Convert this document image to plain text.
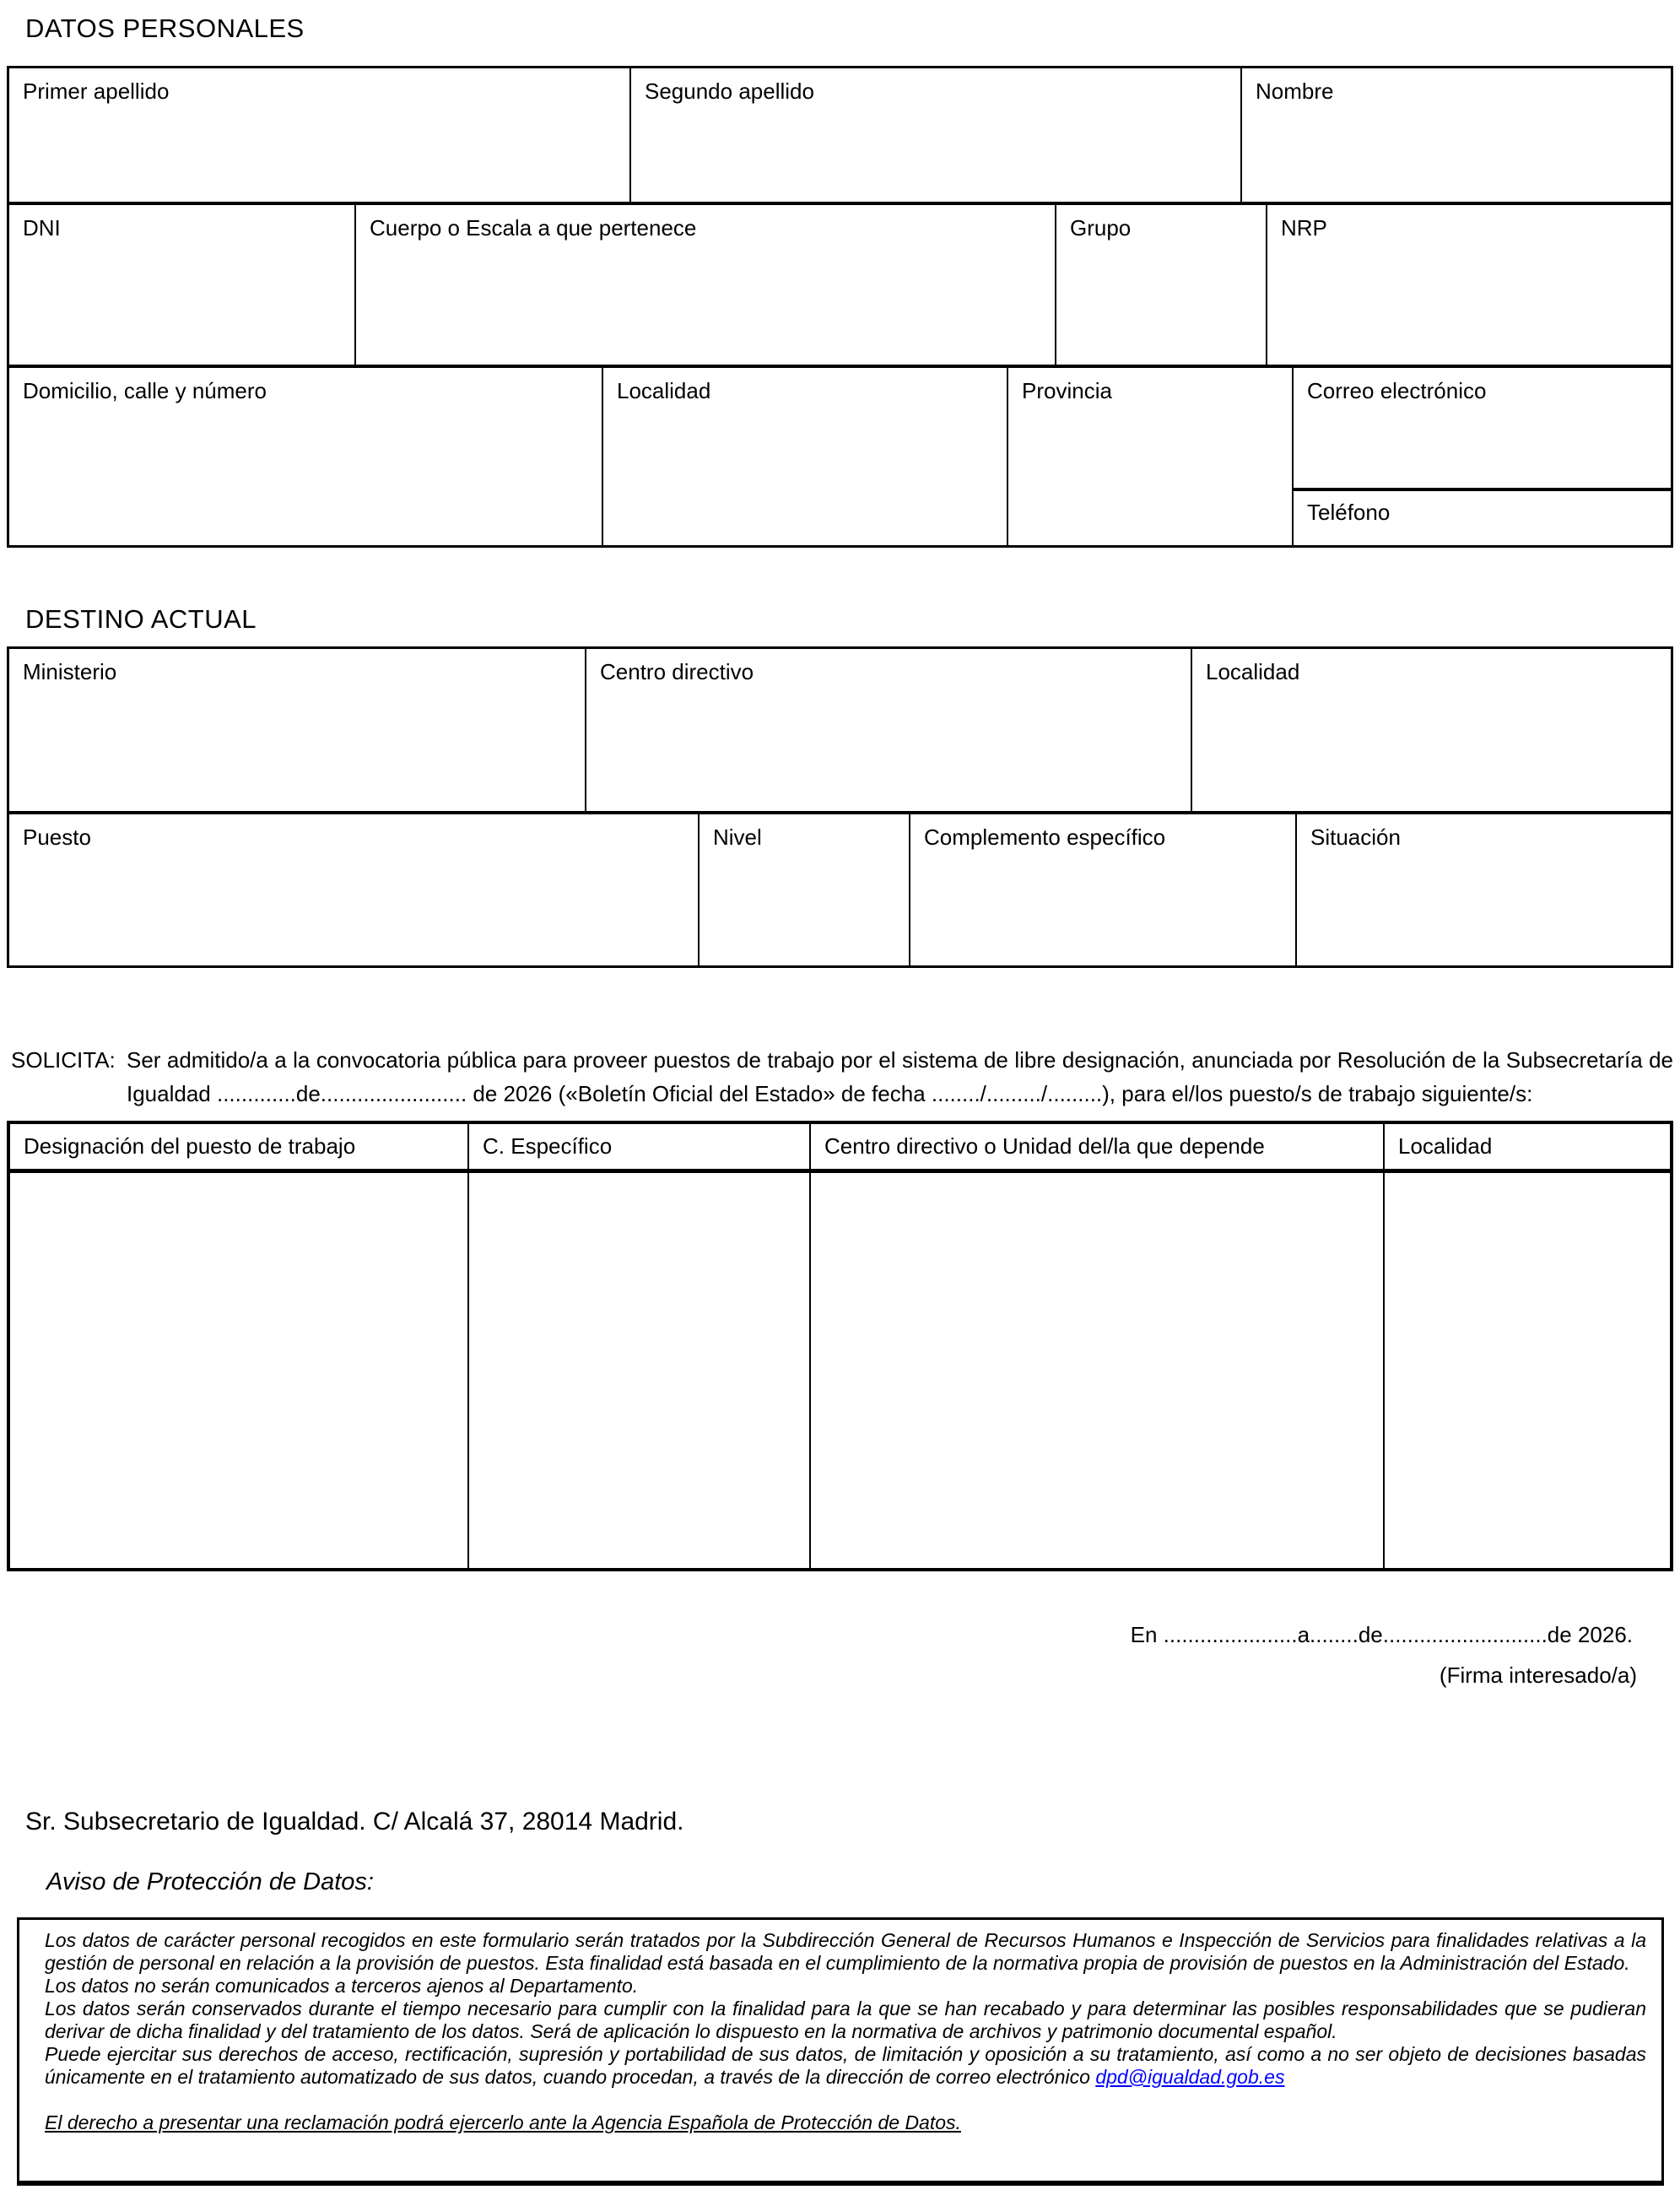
DATOS PERSONALES
Primer apellido	Segundo apellido	Nombre
DNI	Cuerpo o Escala a que pertenece	Grupo	NRP
Domicilio, calle y número	Localidad	Provincia	Correo electrónico
Teléfono
DESTINO ACTUAL
Ministerio	Centro directivo	Localidad
Puesto	Nivel	Complemento específico	Situación
SOLICITA: Ser admitido/a a la convocatoria pública para proveer puestos de trabajo por el sistema de libre designación, anunciada por Resolución de la Subsecretaría de
Igualdad .............de........................ de 2026 («Boletín Oficial del Estado» de fecha ......../........./.........), para el/los puesto/s de trabajo siguiente/s:
Designación del puesto de trabajo	C. Específico	Centro directivo o Unidad del/la que depende	Localidad
En ......................a........de...........................de 2026.
(Firma interesado/a)
Sr. Subsecretario de Igualdad. C/ Alcalá 37, 28014 Madrid.
Aviso de Protección de Datos:

Los datos de carácter personal recogidos en este formulario serán tratados por la Subdirección General de Recursos Humanos e Inspección de Servicios para finalidades relativas a la gestión de personal en relación a la provisión de puestos. Esta finalidad está basada en el cumplimiento de la normativa propia de provisión de puestos en la Administración del Estado.

Los datos no serán comunicados a terceros ajenos al Departamento.

Los datos serán conservados durante el tiempo necesario para cumplir con la finalidad para la que se han recabado y para determinar las posibles responsabilidades que se pudieran derivar de dicha finalidad y del tratamiento de los datos. Será de aplicación lo dispuesto en la normativa de archivos y patrimonio documental español.

Puede ejercitar sus derechos de acceso, rectificación, supresión y portabilidad de sus datos, de limitación y oposición a su tratamiento, así como a no ser objeto de decisiones basadas únicamente en el tratamiento automatizado de sus datos, cuando procedan, a través de la dirección de correo electrónico dpd@igualdad.gob.es

El derecho a presentar una reclamación podrá ejercerlo ante la Agencia Española de Protección de Datos.
